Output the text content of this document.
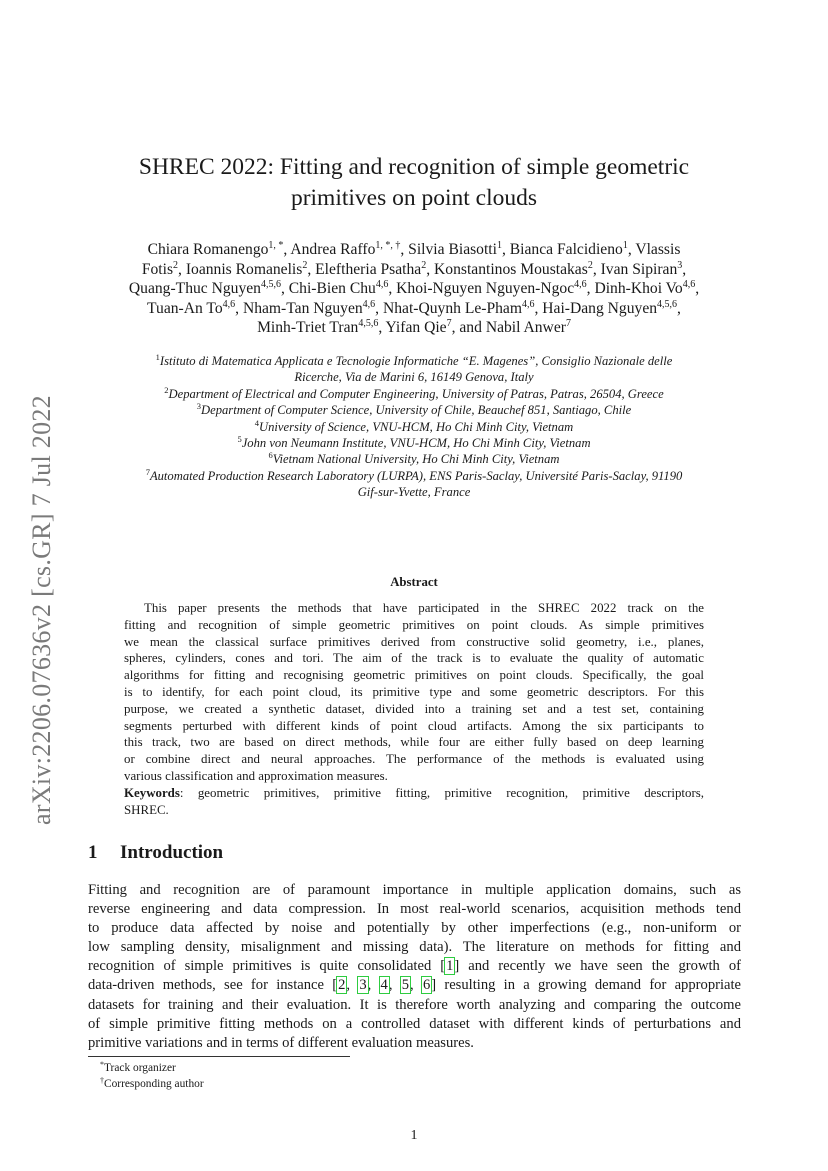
arXiv:2206.07636v2 [cs.GR] 7 Jul 2022
SHREC 2022: Fitting and recognition of simple geometric
primitives on point clouds
Chiara Romanengo$^{1, *}$, Andrea Raffo$^{1, *, \dagger}$, Silvia Biasotti$^1$, Bianca Falcidieno$^1$, Vlassis
Fotis$^2$, Ioannis Romanelis$^2$, Eleftheria Psatha$^2$, Konstantinos Moustakas$^2$, Ivan Sipiran$^3$,
Quang-Thuc Nguyen$^{4,5,6}$, Chi-Bien Chu$^{4,6}$, Khoi-Nguyen Nguyen-Ngoc$^{4,6}$, Dinh-Khoi Vo$^{4,6}$,
Tuan-An To$^{4,6}$, Nham-Tan Nguyen$^{4,6}$, Nhat-Quynh Le-Pham$^{4,6}$, Hai-Dang Nguyen$^{4,5,6}$,
Minh-Triet Tran$^{4,5,6}$, Yifan Qie$^7$, and Nabil Anwer$^7$
$^1$Istituto di Matematica Applicata e Tecnologie Informatiche “E. Magenes”, Consiglio Nazionale delle
Ricerche, Via de Marini 6, 16149 Genova, Italy
$^2$Department of Electrical and Computer Engineering, University of Patras, Patras, 26504, Greece
$^3$Department of Computer Science, University of Chile, Beauchef 851, Santiago, Chile
$^4$University of Science, VNU-HCM, Ho Chi Minh City, Vietnam
$^5$John von Neumann Institute, VNU-HCM, Ho Chi Minh City, Vietnam
$^6$Vietnam National University, Ho Chi Minh City, Vietnam
$^7$Automated Production Research Laboratory (LURPA), ENS Paris-Saclay, Université Paris-Saclay, 91190
Gif-sur-Yvette, France
Abstract
This paper presents the methods that have participated in the SHREC 2022 track on the
fitting and recognition of simple geometric primitives on point clouds. As simple primitives
we mean the classical surface primitives derived from constructive solid geometry, i.e., planes,
spheres, cylinders, cones and tori. The aim of the track is to evaluate the quality of automatic
algorithms for fitting and recognising geometric primitives on point clouds. Specifically, the goal
is to identify, for each point cloud, its primitive type and some geometric descriptors. For this
purpose, we created a synthetic dataset, divided into a training set and a test set, containing
segments perturbed with different kinds of point cloud artifacts. Among the six participants to
this track, two are based on direct methods, while four are either fully based on deep learning
or combine direct and neural approaches. The performance of the methods is evaluated using
various classification and approximation measures.
Keywords: geometric primitives, primitive fitting, primitive recognition, primitive descriptors,
SHREC.
1 Introduction
Fitting and recognition are of paramount importance in multiple application domains, such as
reverse engineering and data compression. In most real-world scenarios, acquisition methods tend
to produce data affected by noise and potentially by other imperfections (e.g., non-uniform or
low sampling density, misalignment and missing data). The literature on methods for fitting and
recognition of simple primitives is quite consolidated [1] and recently we have seen the growth of
data-driven methods, see for instance [2, 3, 4, 5, 6] resulting in a growing demand for appropriate
datasets for training and their evaluation. It is therefore worth analyzing and comparing the outcome
of simple primitive fitting methods on a controlled dataset with different kinds of perturbations and
primitive variations and in terms of different evaluation measures.
*Track organizer
†Corresponding author
1
